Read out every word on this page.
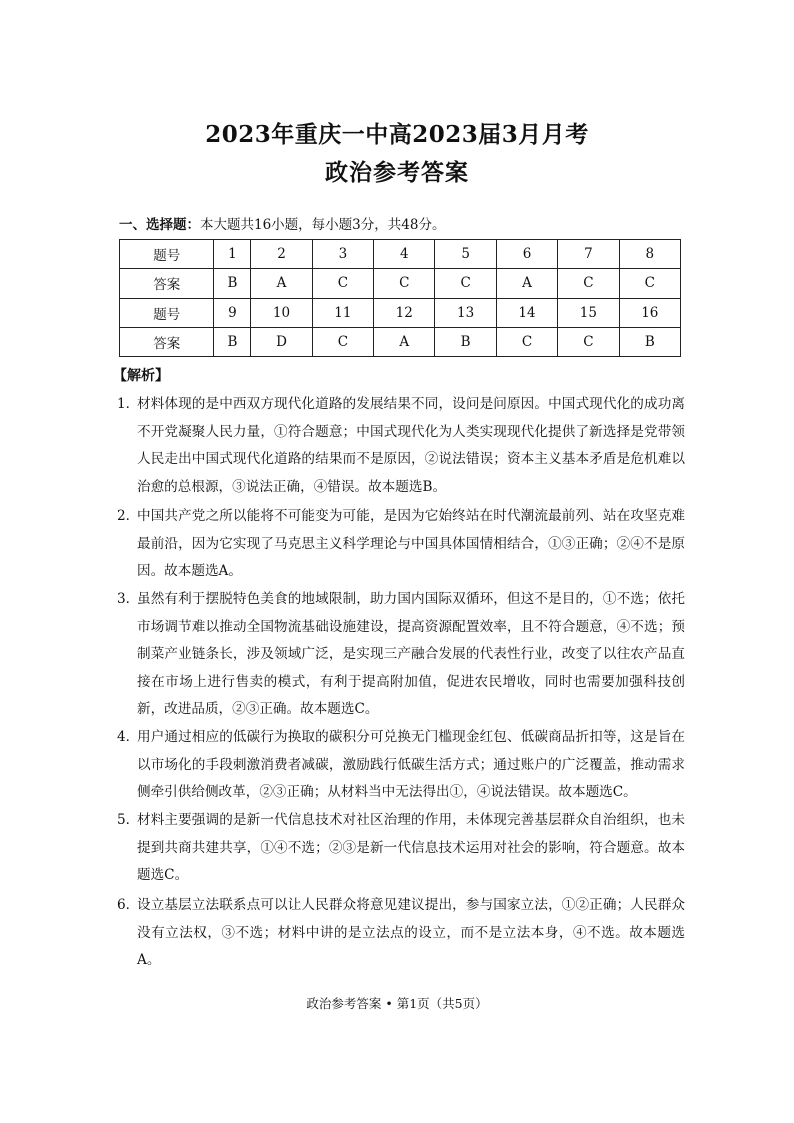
2023年重庆一中高2023届3月月考
政治参考答案
一、选择题：本大题共16小题，每小题3分，共48分。
题号	1	2	3	4	5	6	7	8
答案	B	A	C	C	C	A	C	C
题号	9	10	11	12	13	14	15	16
答案	B	D	C	A	B	C	C	B
【解析】
1．
材料体现的是中西双方现代化道路的发展结果不同，设问是问原因。中国式现代化的成功离不开党凝聚人民力量，①符合题意；中国式现代化为人类实现现代化提供了新选择是党带领人民走出中国式现代化道路的结果而不是原因，②说法错误；资本主义基本矛盾是危机难以治愈的总根源，③说法正确，④错误。故本题选B。
2．
中国共产党之所以能将不可能变为可能，是因为它始终站在时代潮流最前列、站在攻坚克难最前沿，因为它实现了马克思主义科学理论与中国具体国情相结合，①③正确；②④不是原因。故本题选A。
3．
虽然有利于摆脱特色美食的地域限制，助力国内国际双循环，但这不是目的，①不选；依托市场调节难以推动全国物流基础设施建设，提高资源配置效率，且不符合题意，④不选；预制菜产业链条长，涉及领域广泛，是实现三产融合发展的代表性行业，改变了以往农产品直接在市场上进行售卖的模式，有利于提高附加值，促进农民增收，同时也需要加强科技创新，改进品质，②③正确。故本题选C。
4．
用户通过相应的低碳行为换取的碳积分可兑换无门槛现金红包、低碳商品折扣等，这是旨在以市场化的手段刺激消费者减碳，激励践行低碳生活方式；通过账户的广泛覆盖，推动需求侧牵引供给侧改革，②③正确；从材料当中无法得出①，④说法错误。故本题选C。
5．
材料主要强调的是新一代信息技术对社区治理的作用，未体现完善基层群众自治组织，也未提到共商共建共享，①④不选；②③是新一代信息技术运用对社会的影响，符合题意。故本题选C。
6．
设立基层立法联系点可以让人民群众将意见建议提出，参与国家立法，①②正确；人民群众没有立法权，③不选；材料中讲的是立法点的设立，而不是立法本身，④不选。故本题选A。
政治参考答案 • 第1页（共5页）
